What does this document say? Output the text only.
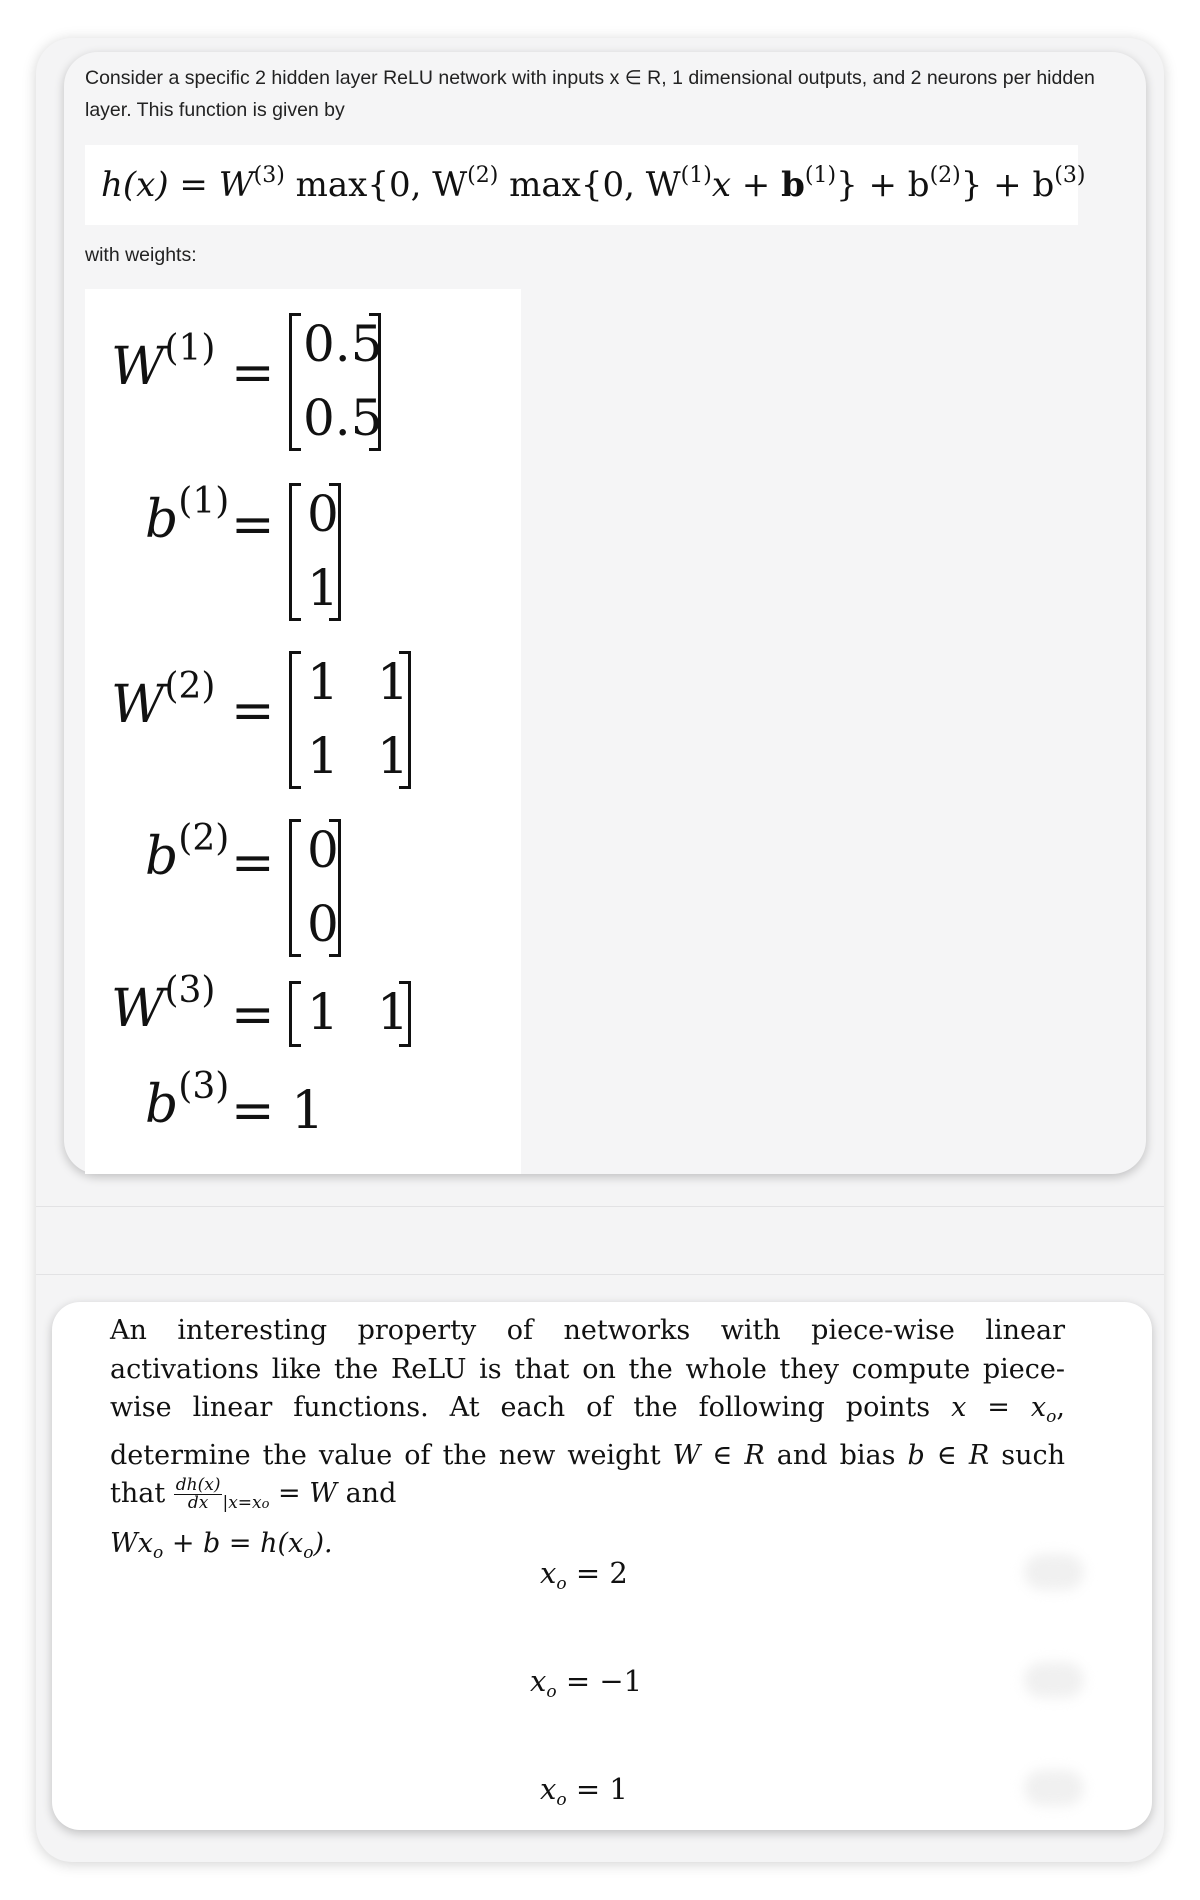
Consider a specific 2 hidden layer ReLU network with inputs x ∈ R, 1 dimensional outputs, and 2 neurons per hidden layer. This function is given by

$h(x) = W^{(3)}$ max{0, $W^{(2)}$ max{0, $W^{(1)}x + b^{(1)}\} + b^{(2)}\} + b^{(3)}$
with weights:
$W^{(1)} = 0.5$
0.5
$b^{(1)} = 0$
1
$W^{(2)} = 1$ 1
1 1
$b^{(2)} = 0$
0
$W^{(3)} = 1$ 1
$b^{(3)} = 1$

An interesting property of networks with piece-wise linear activations like the ReLU is that on the whole they compute piece-wise linear functions. At each of the following points $x = x_o$, determine the value of the new weight W ∈ R and bias b ∈ R such that $\frac{dh(x)}{dx} _{|x=xo} = W$ and
$Wx_o + b = h(x_o)$.

$x_o = 2$
$x_o = -1$
$x_o = 1$
